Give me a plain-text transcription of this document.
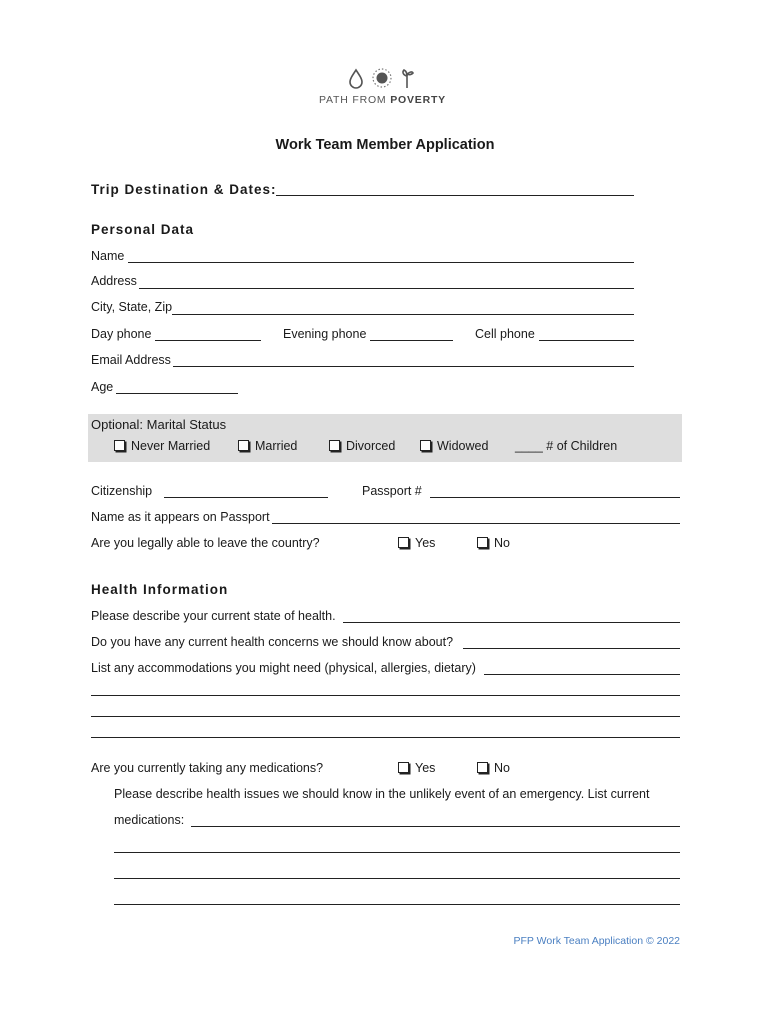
PATH FROM POVERTY
Work Team Member Application
Trip Destination & Dates:
Personal Data
Name
Address
City, State, Zip
Day phone	Evening phone	Cell phone
Email Address
Age
Optional: Marital Status
Never Married	Married	Divorced	Widowed ____ # of Children
Citizenship	Passport #
Name as it appears on Passport
Are you legally able to leave the country?	Yes	No
Health Information
Please describe your current state of health.
Do you have any current health concerns we should know about?
List any accommodations you might need (physical, allergies, dietary)
Are you currently taking any medications?	Yes	No
Please describe health issues we should know in the unlikely event of an emergency. List current
medications:
PFP Work Team Application © 2022
